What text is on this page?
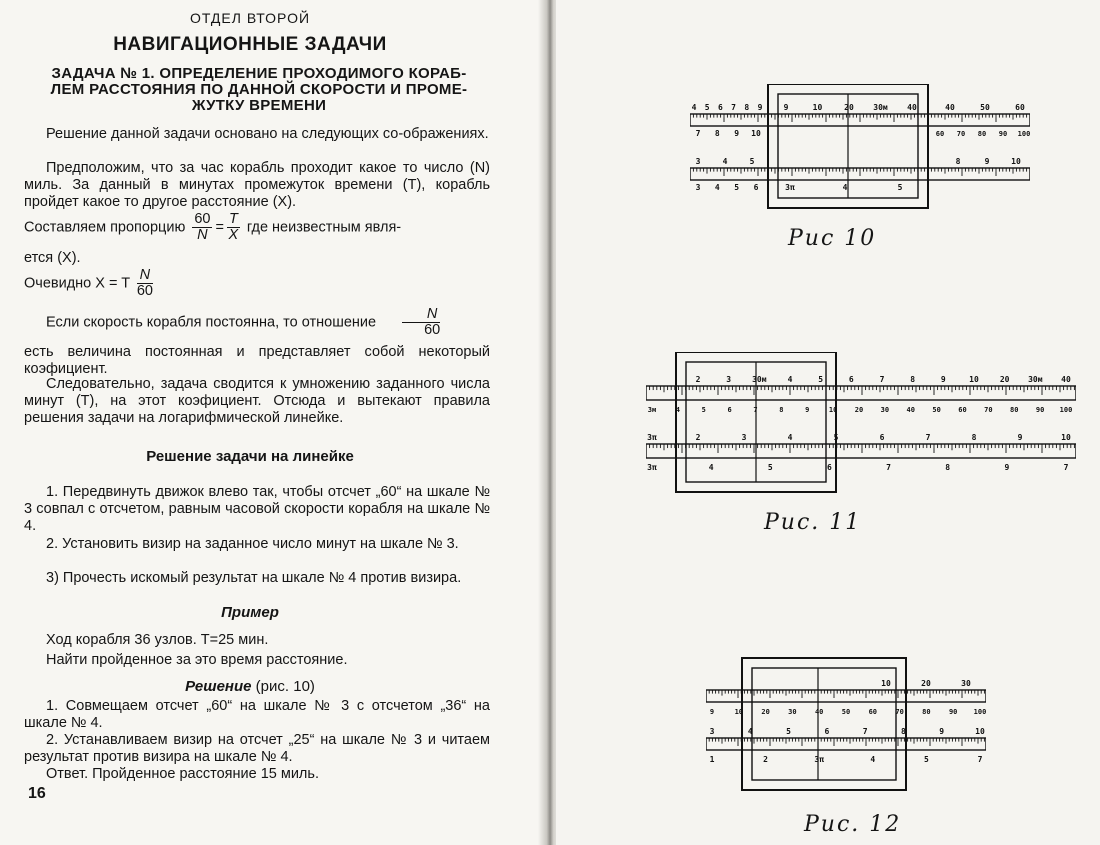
ОТДЕЛ ВТОРОЙ
НАВИГАЦИОННЫЕ ЗАДАЧИ
ЗАДАЧА № 1. ОПРЕДЕЛЕНИЕ ПРОХОДИМОГО КОРАБ-
ЛЕМ РАССТОЯНИЯ ПО ДАННОЙ СКОРОСТИ И ПРОМЕ-
ЖУТКУ ВРЕМЕНИ
Решение данной задачи основано на следующих со-ображениях.
Предположим, что за час корабль проходит какое то число (N) миль. За данный в минутах промежуток времени (T), корабль пройдет какое то другое расстояние (X).
Составляем пропорцию $\frac{60}{N} = \frac{T}{X}$ где неизвестным явля-
ется (X).
Очевидно X = T $\frac{N}{60}$
Если скорость корабля постоянна, то отношение $\frac{N}{60}$
есть величина постоянная и представляет собой некоторый коэфициент.
Следовательно, задача сводится к умножению заданного числа минут (T), на этот коэфициент. Отсюда и вытекают правила решения задачи на логарифмической линейке.
Решение задачи на линейке
1. Передвинуть движок влево так, чтобы отсчет „60“ на шкале № 3 совпал с отсчетом, равным часовой скорости корабля на шкале № 4.
2. Установить визир на заданное число минут на шкале № 3.
3) Прочесть искомый результат на шкале № 4 против визира.
Пример
Ход корабля 36 узлов. T=25 мин.
Найти пройденное за это время расстояние.
Решение (рис. 10)
1. Совмещаем отсчет „60“ на шкале № 3 с отсчетом „36“ на шкале № 4.
2. Устанавливаем визир на отсчет „25“ на шкале № 3 и читаем результат против визира на шкале № 4.
Ответ. Пройденное расстояние 15 миль.
16
4 5 6 7 8 9	40	50	60
7 8 9 10	60 70 80 90 100
9	10	20 30м 40
3	4	5	8	9	10
3 4 5 6	3π	4	5
Рис 10
2	3	30м	4	5	6	7	8	9	10	20 30м 40
3м	4	5	6	7	8	9	10 20 30 40 50 60 70 80 90 100
3π	2	3	4	5	6	7	8	9	10
3π	4	5	6	7	8	9	7
Рис. 11
10	20	30
9	10	20	30	40	50	60	70	80	90 100
3	4	5	6	7	8	9	10
1	2	3π	4	5	7
Рис. 12
